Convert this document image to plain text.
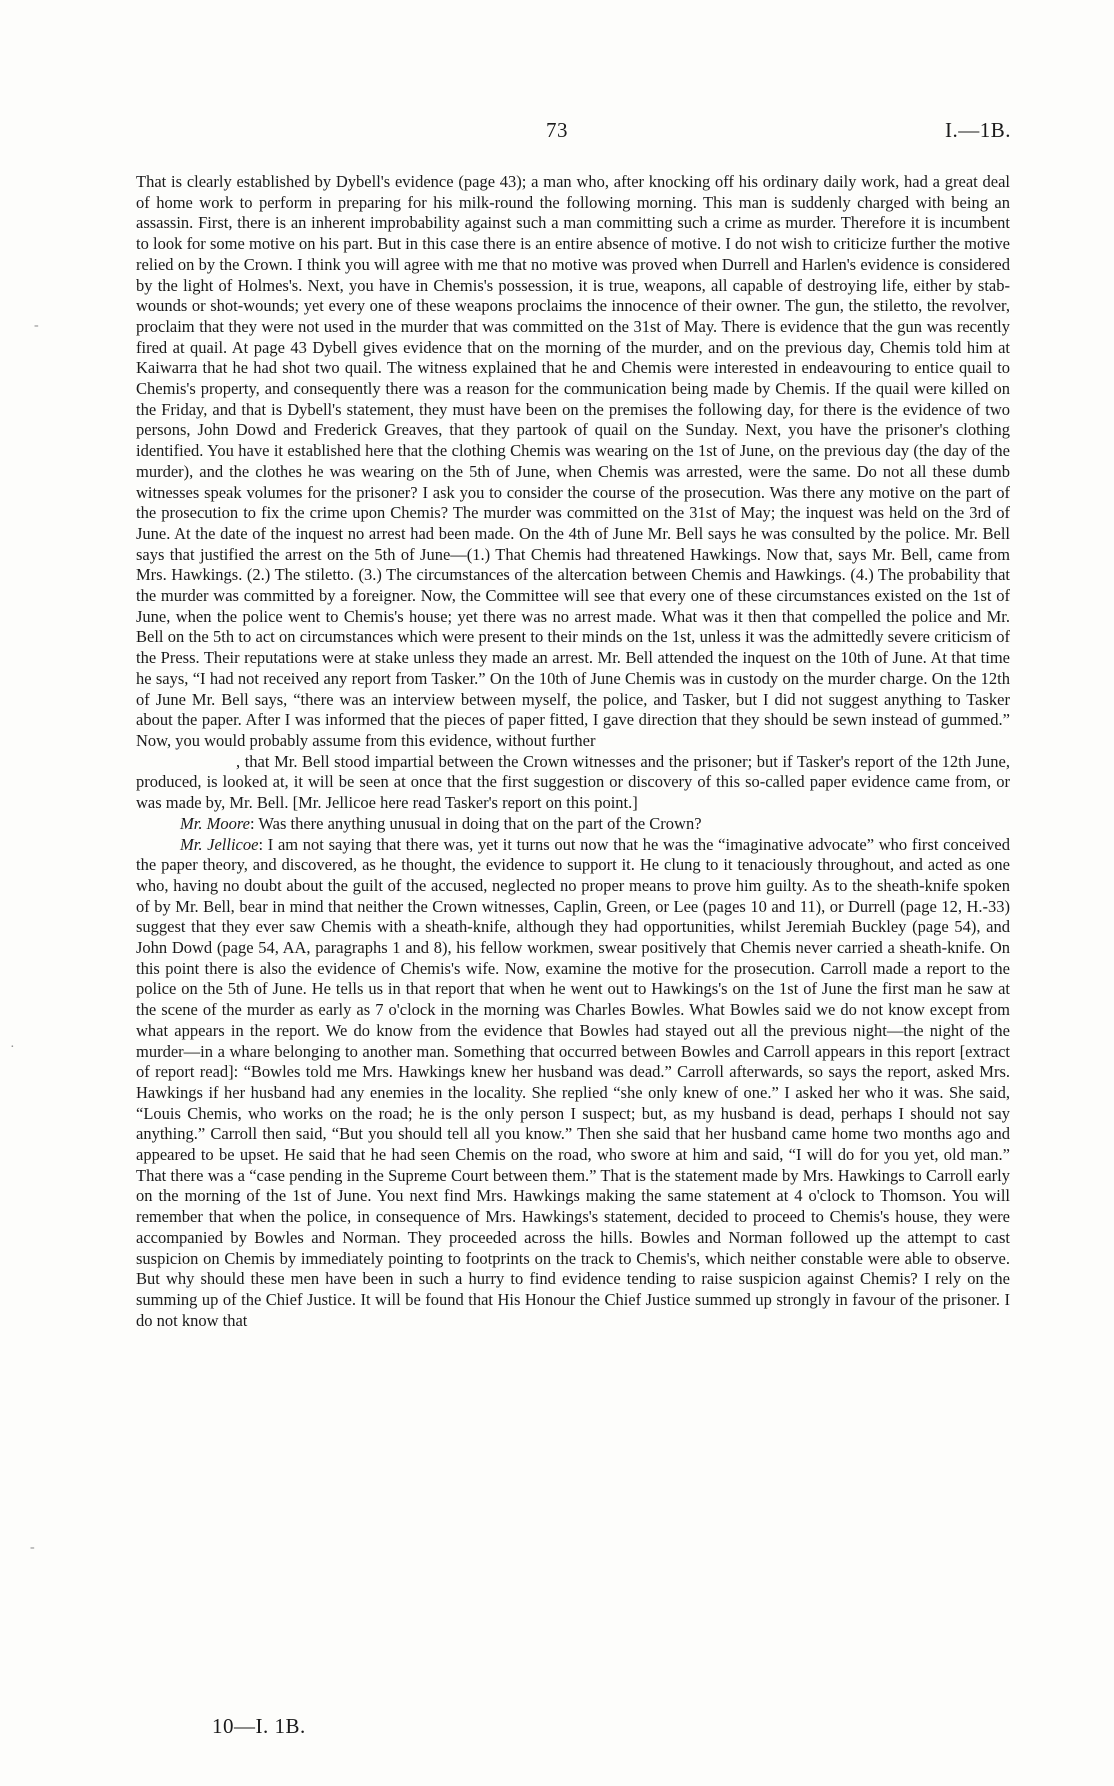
73	I.—1B.

That is clearly established by Dybell's evidence (page 43); a man who, after knocking off his ordinary daily work, had a great deal of home work to perform in preparing for his milk-round the following morning. This man is suddenly charged with being an assassin. First, there is an inherent improbability against such a man committing such a crime as murder. Therefore it is incumbent to look for some motive on his part. But in this case there is an entire absence of motive. I do not wish to criticize further the motive relied on by the Crown. I think you will agree with me that no motive was proved when Durrell and Harlen's evidence is considered by the light of Holmes's. Next, you have in Chemis's possession, it is true, weapons, all capable of destroying life, either by stab-wounds or shot-wounds; yet every one of these weapons proclaims the innocence of their owner. The gun, the stiletto, the revolver, proclaim that they were not used in the murder that was committed on the 31st of May. There is evidence that the gun was recently fired at quail. At page 43 Dybell gives evidence that on the morning of the murder, and on the previous day, Chemis told him at Kaiwarra that he had shot two quail. The witness explained that he and Chemis were interested in endeavouring to entice quail to Chemis's property, and consequently there was a reason for the communication being made by Chemis. If the quail were killed on the Friday, and that is Dybell's statement, they must have been on the premises the following day, for there is the evidence of two persons, John Dowd and Frederick Greaves, that they partook of quail on the Sunday. Next, you have the prisoner's clothing identified. You have it established here that the clothing Chemis was wearing on the 1st of June, on the previous day (the day of the murder), and the clothes he was wearing on the 5th of June, when Chemis was arrested, were the same. Do not all these dumb witnesses speak volumes for the prisoner? I ask you to consider the course of the prosecution. Was there any motive on the part of the prosecution to fix the crime upon Chemis? The murder was committed on the 31st of May; the inquest was held on the 3rd of June. At the date of the inquest no arrest had been made. On the 4th of June Mr. Bell says he was consulted by the police. Mr. Bell says that justified the arrest on the 5th of June—(1.) That Chemis had threatened Hawkings. Now that, says Mr. Bell, came from Mrs. Hawkings. (2.) The stiletto. (3.) The circumstances of the altercation between Chemis and Hawkings. (4.) The probability that the murder was committed by a foreigner. Now, the Committee will see that every one of these circumstances existed on the 1st of June, when the police went to Chemis's house; yet there was no arrest made. What was it then that compelled the police and Mr. Bell on the 5th to act on circumstances which were present to their minds on the 1st, unless it was the admittedly severe criticism of the Press. Their reputations were at stake unless they made an arrest. Mr. Bell attended the inquest on the 10th of June. At that time he says, “I had not received any report from Tasker.” On the 10th of June Chemis was in custody on the murder charge. On the 12th of June Mr. Bell says, “there was an interview between myself, the police, and Tasker, but I did not suggest anything to Tasker about the paper. After I was informed that the pieces of paper fitted, I gave direction that they should be sewn instead of gummed.” Now, you would probably assume from this evidence, without further
, that Mr. Bell stood impartial between the Crown witnesses and the prisoner; but if Tasker's report of the 12th June, produced, is looked at, it will be seen at once that the first suggestion or discovery of this so-called paper evidence came from, or was made by, Mr. Bell. [Mr. Jellicoe here read Tasker's report on this point.]

Mr. Moore: Was there anything unusual in doing that on the part of the Crown?

Mr. Jellicoe: I am not saying that there was, yet it turns out now that he was the “imaginative advocate” who first conceived the paper theory, and discovered, as he thought, the evidence to support it. He clung to it tenaciously throughout, and acted as one who, having no doubt about the guilt of the accused, neglected no proper means to prove him guilty. As to the sheath-knife spoken of by Mr. Bell, bear in mind that neither the Crown witnesses, Caplin, Green, or Lee (pages 10 and 11), or Durrell (page 12, H.-33) suggest that they ever saw Chemis with a sheath-knife, although they had opportunities, whilst Jeremiah Buckley (page 54), and John Dowd (page 54, AA, paragraphs 1 and 8), his fellow workmen, swear positively that Chemis never carried a sheath-knife. On this point there is also the evidence of Chemis's wife. Now, examine the motive for the prosecution. Carroll made a report to the police on the 5th of June. He tells us in that report that when he went out to Hawkings's on the 1st of June the first man he saw at the scene of the murder as early as 7 o'clock in the morning was Charles Bowles. What Bowles said we do not know except from what appears in the report. We do know from the evidence that Bowles had stayed out all the previous night—the night of the murder—in a whare belonging to another man. Something that occurred between Bowles and Carroll appears in this report [extract of report read]: “Bowles told me Mrs. Hawkings knew her husband was dead.” Carroll afterwards, so says the report, asked Mrs. Hawkings if her husband had any enemies in the locality. She replied “she only knew of one.” I asked her who it was. She said, “Louis Chemis, who works on the road; he is the only person I suspect; but, as my husband is dead, perhaps I should not say anything.” Carroll then said, “But you should tell all you know.” Then she said that her husband came home two months ago and appeared to be upset. He said that he had seen Chemis on the road, who swore at him and said, “I will do for you yet, old man.” That there was a “case pending in the Supreme Court between them.” That is the statement made by Mrs. Hawkings to Carroll early on the morning of the 1st of June. You next find Mrs. Hawkings making the same statement at 4 o'clock to Thomson. You will remember that when the police, in consequence of Mrs. Hawkings's statement, decided to proceed to Chemis's house, they were accompanied by Bowles and Norman. They proceeded across the hills. Bowles and Norman followed up the attempt to cast suspicion on Chemis by immediately pointing to footprints on the track to Chemis's, which neither constable were able to observe. But why should these men have been in such a hurry to find evidence tending to raise suspicion against Chemis? I rely on the summing up of the Chief Justice. It will be found that His Honour the Chief Justice summed up strongly in favour of the prisoner. I do not know that

10—I. 1B.
-
·
-
